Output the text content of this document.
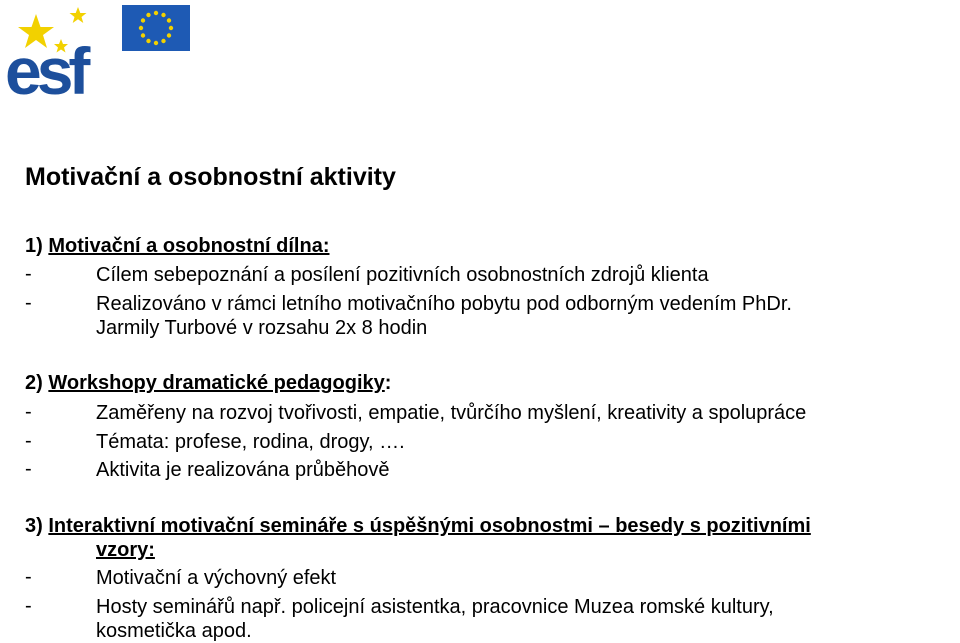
esf
Motivační a osobnostní aktivity
1) Motivační a osobnostní dílna:
-	Cílem sebepoznání a posílení pozitivních osobnostních zdrojů klienta
-	Realizováno v rámci letního motivačního pobytu pod odborným vedením PhDr.
Jarmily Turbové v rozsahu 2x 8 hodin
2) Workshopy dramatické pedagogiky:
-	Zaměřeny na rozvoj tvořivosti, empatie, tvůrčího myšlení, kreativity a spolupráce
-	Témata: profese, rodina, drogy, ….
-	Aktivita je realizována průběhově
3) Interaktivní motivační semináře s úspěšnými osobnostmi – besedy s pozitivními
vzory:
-	Motivační a výchovný efekt
-	Hosty seminářů např. policejní asistentka, pracovnice Muzea romské kultury,
kosmetička apod.
